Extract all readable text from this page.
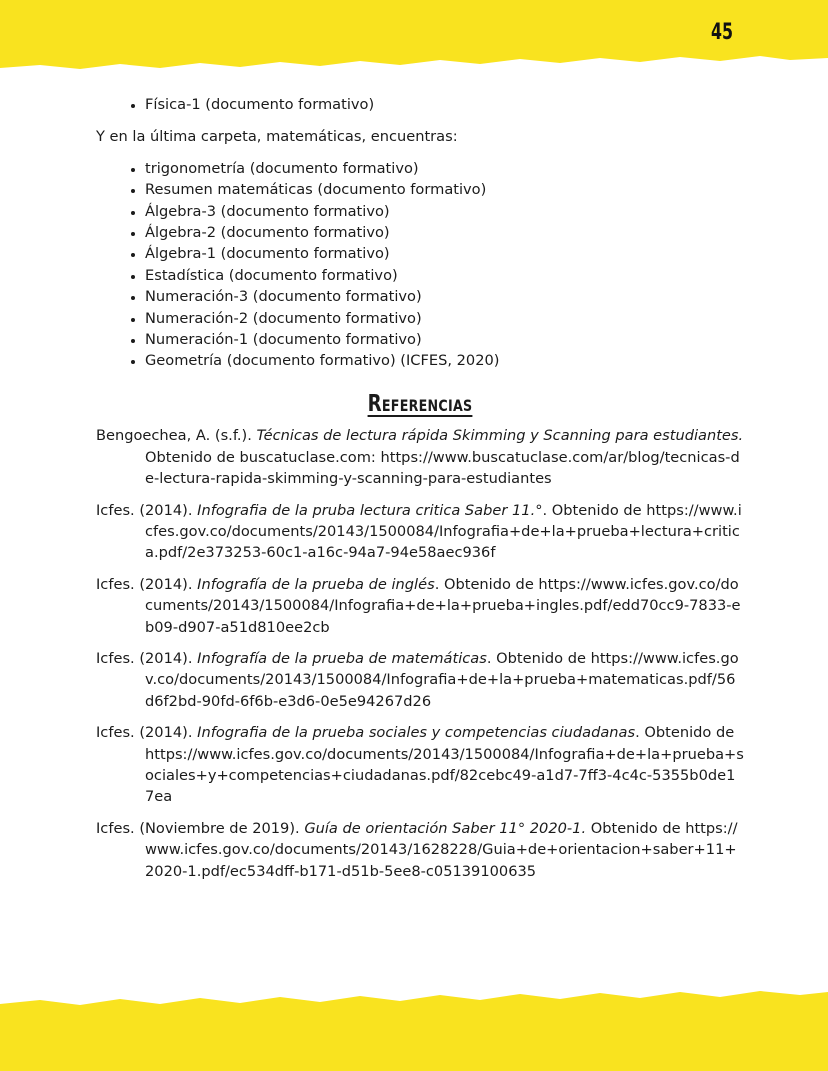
45
• Física-1 (documento formativo)

Y en la última carpeta, matemáticas, encuentras:

• trigonometría (documento formativo)
• Resumen matemáticas (documento formativo)
• Álgebra-3 (documento formativo)
• Álgebra-2 (documento formativo)
• Álgebra-1 (documento formativo)
• Estadística (documento formativo)
• Numeración-3 (documento formativo)
• Numeración-2 (documento formativo)
• Numeración-1 (documento formativo)
• Geometría (documento formativo) (ICFES, 2020)
Referencias

Bengoechea, A. (s.f.). Técnicas de lectura rápida Skimming y Scanning para estudiantes. Obtenido de buscatuclase.com: https://www.buscatuclase.com/ar/blog/tecnicas-de-lectura-rapida-skimming-y-scanning-para-estudiantes

Icfes. (2014). Infografia de la pruba lectura critica Saber 11.°. Obtenido de https://www.icfes.gov.co/documents/20143/1500084/Infografia+de+la+prueba+lectura+critica.pdf/2e373253-60c1-a16c-94a7-94e58aec936f

Icfes. (2014). Infografía de la prueba de inglés. Obtenido de https://www.icfes.gov.co/documents/20143/1500084/Infografia+de+la+prueba+ingles.pdf/edd70cc9-7833-eb09-d907-a51d810ee2cb

Icfes. (2014). Infografía de la prueba de matemáticas. Obtenido de https://www.icfes.gov.co/documents/20143/1500084/Infografia+de+la+prueba+matematicas.pdf/56d6f2bd-90fd-6f6b-e3d6-0e5e94267d26

Icfes. (2014). Infografia de la prueba sociales y competencias ciudadanas. Obtenido de https://www.icfes.gov.co/documents/20143/1500084/Infografia+de+la+prueba+sociales+y+competencias+ciudadanas.pdf/82cebc49-a1d7-7ff3-4c4c-5355b0de17ea

Icfes. (Noviembre de 2019). Guía de orientación Saber 11° 2020-1. Obtenido de https://www.icfes.gov.co/documents/20143/1628228/Guia+de+orientacion+saber+11+2020-1.pdf/ec534dff-b171-d51b-5ee8-c05139100635
